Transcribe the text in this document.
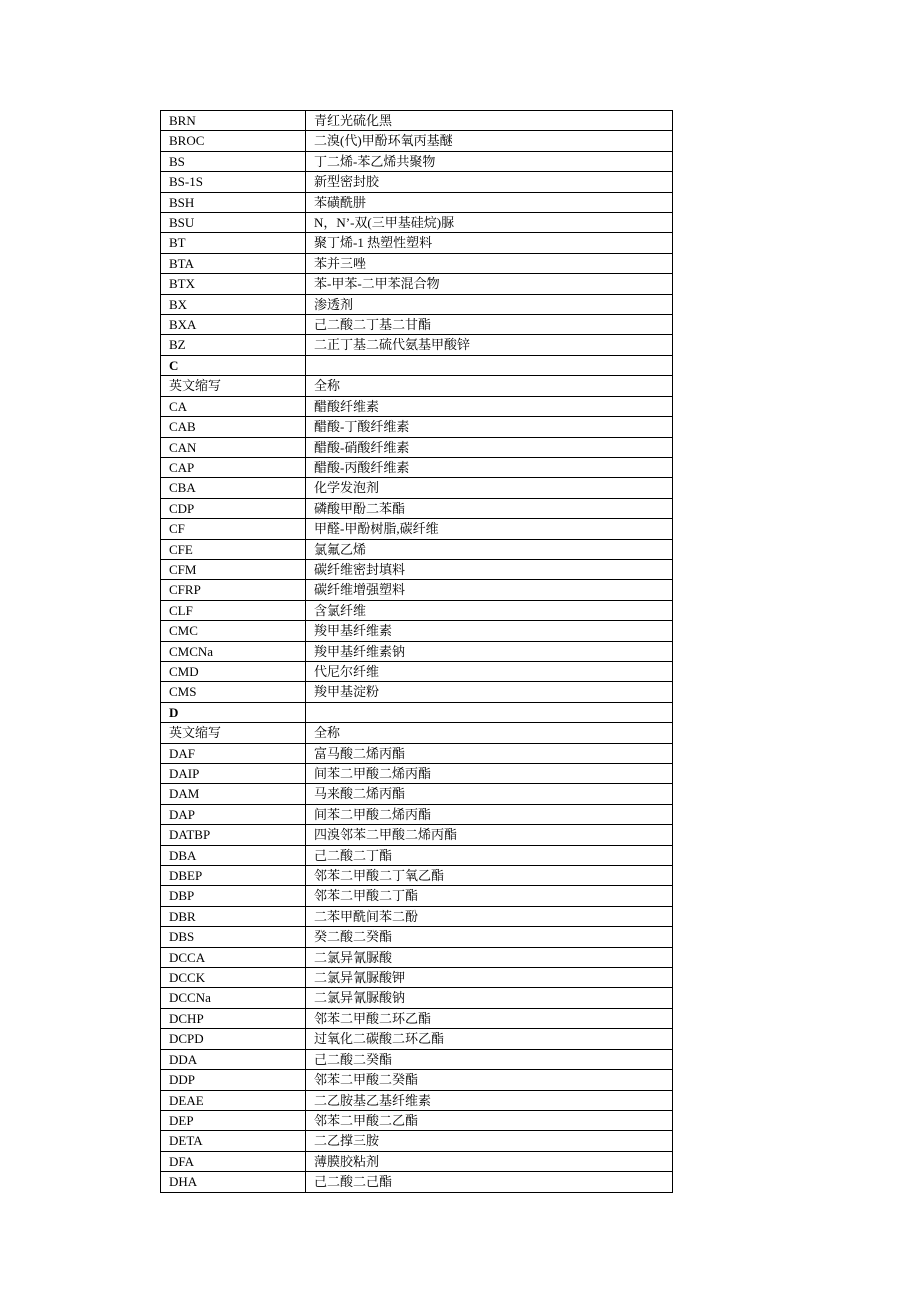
BRN	青红光硫化黑
BROC	二溴(代)甲酚环氧丙基醚
BS	丁二烯-苯乙烯共聚物
BS-1S	新型密封胶
BSH	苯磺酰肼
BSU	N，N’-双(三甲基硅烷)脲
BT	聚丁烯-1 热塑性塑料
BTA	苯并三唑
BTX	苯-甲苯-二甲苯混合物
BX	渗透剂
BXA	己二酸二丁基二甘酯
BZ	二正丁基二硫代氨基甲酸锌
C	
英文缩写	全称
CA	醋酸纤维素
CAB	醋酸-丁酸纤维素
CAN	醋酸-硝酸纤维素
CAP	醋酸-丙酸纤维素
CBA	化学发泡剂
CDP	磷酸甲酚二苯酯
CF	甲醛-甲酚树脂,碳纤维
CFE	氯氟乙烯
CFM	碳纤维密封填料
CFRP	碳纤维增强塑料
CLF	含氯纤维
CMC	羧甲基纤维素
CMCNa	羧甲基纤维素钠
CMD	代尼尔纤维
CMS	羧甲基淀粉
D	
英文缩写	全称
DAF	富马酸二烯丙酯
DAIP	间苯二甲酸二烯丙酯
DAM	马来酸二烯丙酯
DAP	间苯二甲酸二烯丙酯
DATBP	四溴邻苯二甲酸二烯丙酯
DBA	己二酸二丁酯
DBEP	邻苯二甲酸二丁氧乙酯
DBP	邻苯二甲酸二丁酯
DBR	二苯甲酰间苯二酚
DBS	癸二酸二癸酯
DCCA	二氯异氰脲酸
DCCK	二氯异氰脲酸钾
DCCNa	二氯异氰脲酸钠
DCHP	邻苯二甲酸二环乙酯
DCPD	过氧化二碳酸二环乙酯
DDA	己二酸二癸酯
DDP	邻苯二甲酸二癸酯
DEAE	二乙胺基乙基纤维素
DEP	邻苯二甲酸二乙酯
DETA	二乙撑三胺
DFA	薄膜胶粘剂
DHA	己二酸二己酯
